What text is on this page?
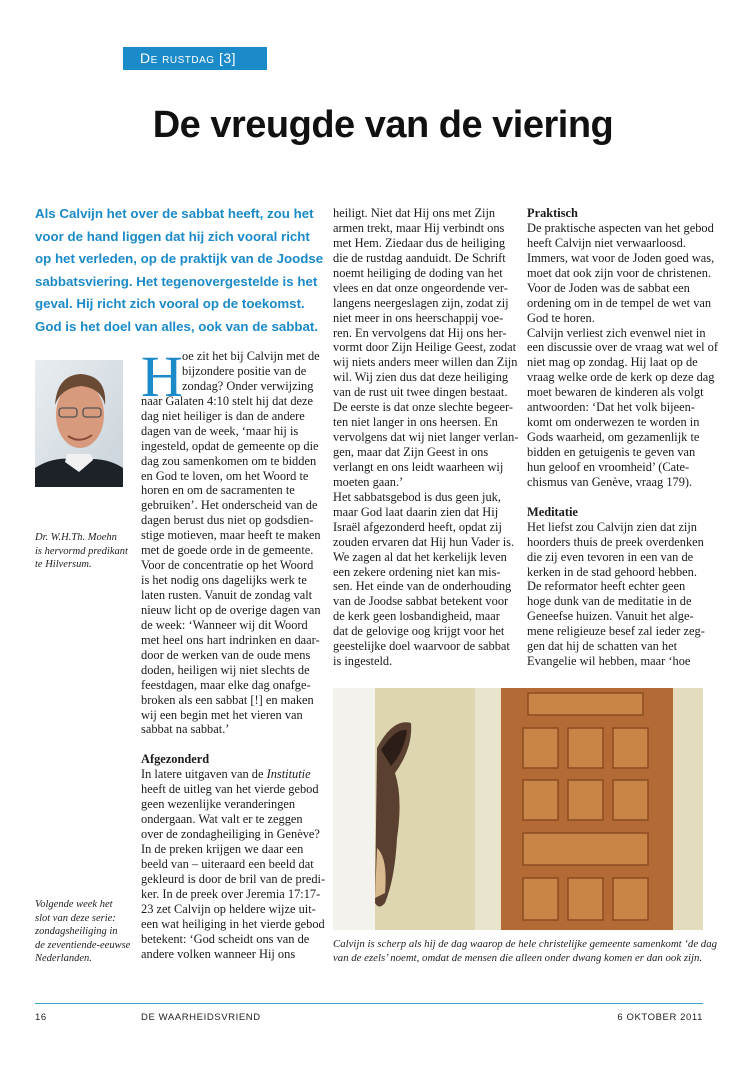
De rustdag [3]
De vreugde van de viering
Als Calvijn het over de sabbat heeft, zou het
voor de hand liggen dat hij zich vooral richt
op het verleden, op de praktijk van de Joodse
sabbatsviering. Het tegenovergestelde is het
geval. Hij richt zich vooral op de toekomst.
God is het doel van alles, ook van de sabbat.
Dr. W.H.Th. Moehn
is hervormd predikant
te Hilversum.
Volgende week het
slot van deze serie:
zondagsheiliging in
de zeventiende-eeuwse
Nederlanden.
H oe zit het bij Calvijn met de
bijzondere positie van de
zondag? Onder verwijzing
naar Galaten 4:10 stelt hij dat deze
dag niet heiliger is dan de andere
dagen van de week, ‘maar hij is
ingesteld, opdat de gemeente op die
dag zou samenkomen om te bidden
en God te loven, om het Woord te
horen en om de sacramenten te
gebruiken’. Het onderscheid van de
dagen berust dus niet op godsdien-
stige motieven, maar heeft te maken
met de goede orde in de gemeente.
Voor de concentratie op het Woord
is het nodig ons dagelijks werk te
laten rusten. Vanuit de zondag valt
nieuw licht op de overige dagen van
de week: ‘Wanneer wij dit Woord
met heel ons hart indrinken en daar-
door de werken van de oude mens
doden, heiligen wij niet slechts de
feestdagen, maar elke dag onafge-
broken als een sabbat [!] en maken
wij een begin met het vieren van
sabbat na sabbat.’
Afgezonderd
In latere uitgaven van de Institutie
heeft de uitleg van het vierde gebod
geen wezenlijke veranderingen
ondergaan. Wat valt er te zeggen
over de zondagheiliging in Genève?
In de preken krijgen we daar een
beeld van – uiteraard een beeld dat
gekleurd is door de bril van de predi-
ker. In de preek over Jeremia 17:17-
23 zet Calvijn op heldere wijze uit-
een wat heiliging in het vierde gebod
betekent: ‘God scheidt ons van de
andere volken wanneer Hij ons
heiligt. Niet dat Hij ons met Zijn
armen trekt, maar Hij verbindt ons
met Hem. Ziedaar dus de heiliging
die de rustdag aanduidt. De Schrift
noemt heiliging de doding van het
vlees en dat onze ongeordende ver-
langens neergeslagen zijn, zodat zij
niet meer in ons heerschappij voe-
ren. En vervolgens dat Hij ons her-
vormt door Zijn Heilige Geest, zodat
wij niets anders meer willen dan Zijn
wil. Wij zien dus dat deze heiliging
van de rust uit twee dingen bestaat.
De eerste is dat onze slechte begeer-
ten niet langer in ons heersen. En
vervolgens dat wij niet langer verlan-
gen, maar dat Zijn Geest in ons
verlangt en ons leidt waarheen wij
moeten gaan.’
Het sabbatsgebod is dus geen juk,
maar God laat daarin zien dat Hij
Israël afgezonderd heeft, opdat zij
zouden ervaren dat Hij hun Vader is.
We zagen al dat het kerkelijk leven
een zekere ordening niet kan mis-
sen. Het einde van de onderhouding
van de Joodse sabbat betekent voor
de kerk geen losbandigheid, maar
dat de gelovige oog krijgt voor het
geestelijke doel waarvoor de sabbat
is ingesteld.
Praktisch
De praktische aspecten van het gebod
heeft Calvijn niet verwaarloosd.
Immers, wat voor de Joden goed was,
moet dat ook zijn voor de christenen.
Voor de Joden was de sabbat een
ordening om in de tempel de wet van
God te horen.
Calvijn verliest zich evenwel niet in
een discussie over de vraag wat wel of
niet mag op zondag. Hij laat op de
vraag welke orde de kerk op deze dag
moet bewaren de kinderen als volgt
antwoorden: ‘Dat het volk bijeen-
komt om onderwezen te worden in
Gods waarheid, om gezamenlijk te
bidden en getuigenis te geven van
hun geloof en vroomheid’ (Cate-
chismus van Genève, vraag 179).
Meditatie
Het liefst zou Calvijn zien dat zijn
hoorders thuis de preek overdenken
die zij even tevoren in een van de
kerken in de stad gehoord hebben.
De reformator heeft echter geen
hoge dunk van de meditatie in de
Geneefse huizen. Vanuit het alge-
mene religieuze besef zal ieder zeg-
gen dat hij de schatten van het
Evangelie wil hebben, maar ‘hoe
Calvijn is scherp als hij de dag waarop de hele christelijke gemeente samenkomt ‘de dag
van de ezels’ noemt, omdat de mensen die alleen onder dwang komen er dan ook zijn.
16	DE WAARHEIDSVRIEND	6 OKTOBER 2011
